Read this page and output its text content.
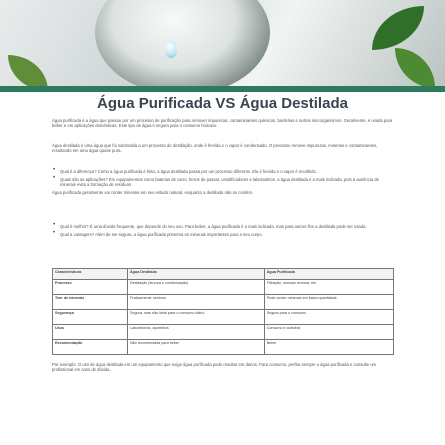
Água Purificada VS Água Destilada
Água purificada é a água que passou por um processo de purificação para remover impurezas, contaminantes químicos, bactérias e outros microrganismos. Geralmente, é usada para beber e em aplicações domésticas. Este tipo de água é segura para o consumo humano.
Água destilada é uma água que foi submetida a um processo de destilação, onde é fervida e o vapor é condensado. O processo remove impurezas, minerais e contaminantes, resultando em uma água quase pura.
• Qual é a diferença? Como a água purificada é feita, a água destilada passa por um processo diferente. Ela é fervida e o vapor é recolhido.
• Quais são as aplicações? Em equipamentos como baterias de carro, ferros de passar, umidificadores e laboratórios, a água destilada é a mais indicada, pois a ausência de minerais evita a formação de resíduos.
Água purificada geralmente vai conter minerais em seu estado natural, enquanto a destilada não os contém.
• Qual é melhor? É uma dúvida frequente, que depende do seu uso. Para beber, a água purificada é a mais indicada, mas para outros fins a destilada pode ser usada.
• Qual a vantagem? Além de ser segura, a água purificada preserva os minerais importantes para o seu corpo.
Características	Água Destilada	Água Purificada
Processo	Destilação (fervura e condensação)	Filtração, osmose reversa, etc.
Teor de minerais	Praticamente nenhum	Pode conter minerais em baixa quantidade
Segurança	Segura, mas não ideal para o consumo diário	Segura para o consumo
Usos	Laboratórios, aparelhos	Consumo e culinária
Recomendação	Não recomendada para beber	Beber
Por exemplo: O uso de água destilada em um equipamento que exige água purificada pode resultar em danos. Para consumo, prefira sempre a água purificada e consulte um profissional em caso de dúvida.
